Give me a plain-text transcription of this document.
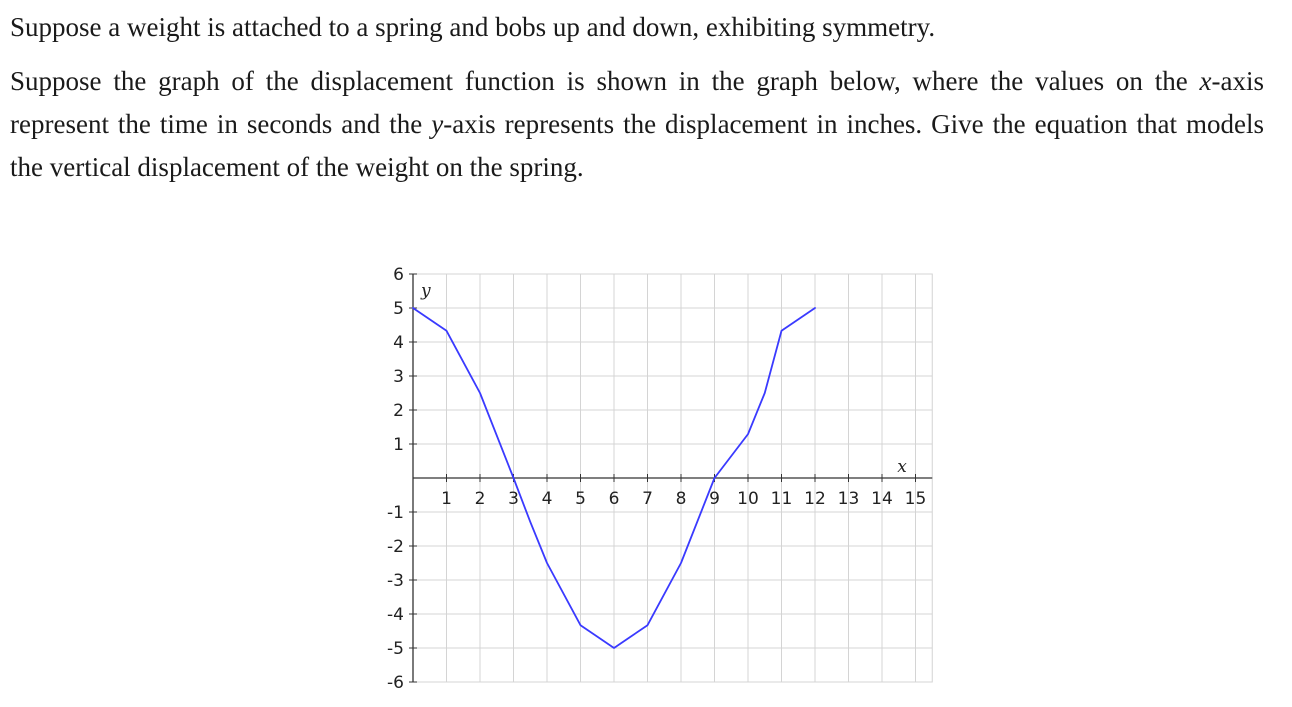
Suppose a weight is attached to a spring and bobs up and down, exhibiting symmetry.

Suppose the graph of the displacement function is shown in the graph below, where the values on the x-axis represent the time in seconds and the y-axis represents the displacement in inches. Give the equation that models the vertical displacement of the weight on the spring.

1 2 3 4 5 6 7 8 9 10 11 12 13 14 15
6
5
4
3
2
1
-1
-2
-3
-4
-5
-6
y
x
